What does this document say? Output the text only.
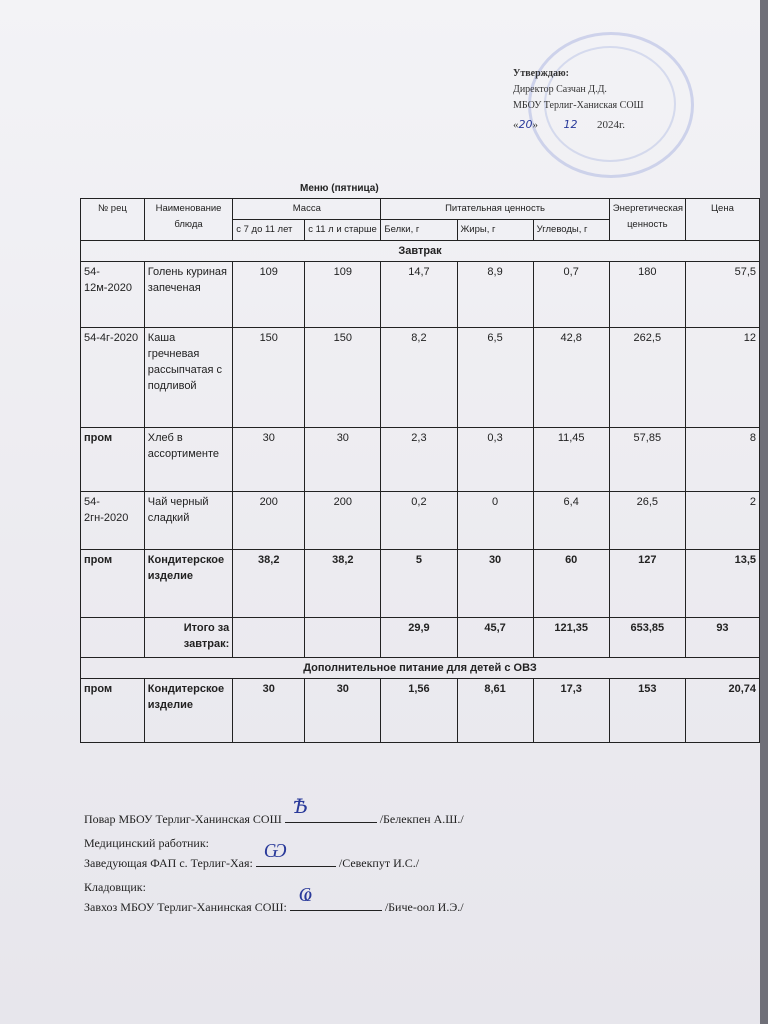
Утверждаю:
Директор Сазчан Д.Д.
МБОУ Терлиг-Ханиская СОШ
«20»  12 2024г.
Меню (пятница)
№ рец	Наименование блюда	Масса		Питательная ценность			Энергетическая ценность	Цена
		с 7 до 11 лет	с 11 л и старше	Белки, г	Жиры, г	Углеводы, г		
Завтрак								
54-12м-2020	Голень куриная запеченая	109	109	14,7	8,9	0,7	180	57,5
54-4г-2020	Каша гречневая рассыпчатая с подливой	150	150	8,2	6,5	42,8	262,5	12
пром	Хлеб в ассортименте	30	30	2,3	0,3	11,45	57,85	8
54-2гн-2020	Чай черный сладкий	200	200	0,2	0	6,4	26,5	2
пром	Кондитерское изделие	38,2	38,2	5	30	60	127	13,5
	Итого за завтрак:			29,9	45,7	121,35	653,85	93
Дополнительное питание для детей с ОВЗ								
пром	Кондитерское изделие	30	30	1,56	8,61	17,3	153	20,74
Повар МБОУ Терлиг-Ханинская СОШ
Ѣ
/Белекпен А.Ш./
Медицинский работник:
Заведующая ФАП с. Терлиг-Хая:
Ѡ
/Севекпут И.С./
Кладовщик:
Завхоз МБОУ Терлиг-Ханинская СОШ:
Ҩ
/Биче-оол И.Э./
